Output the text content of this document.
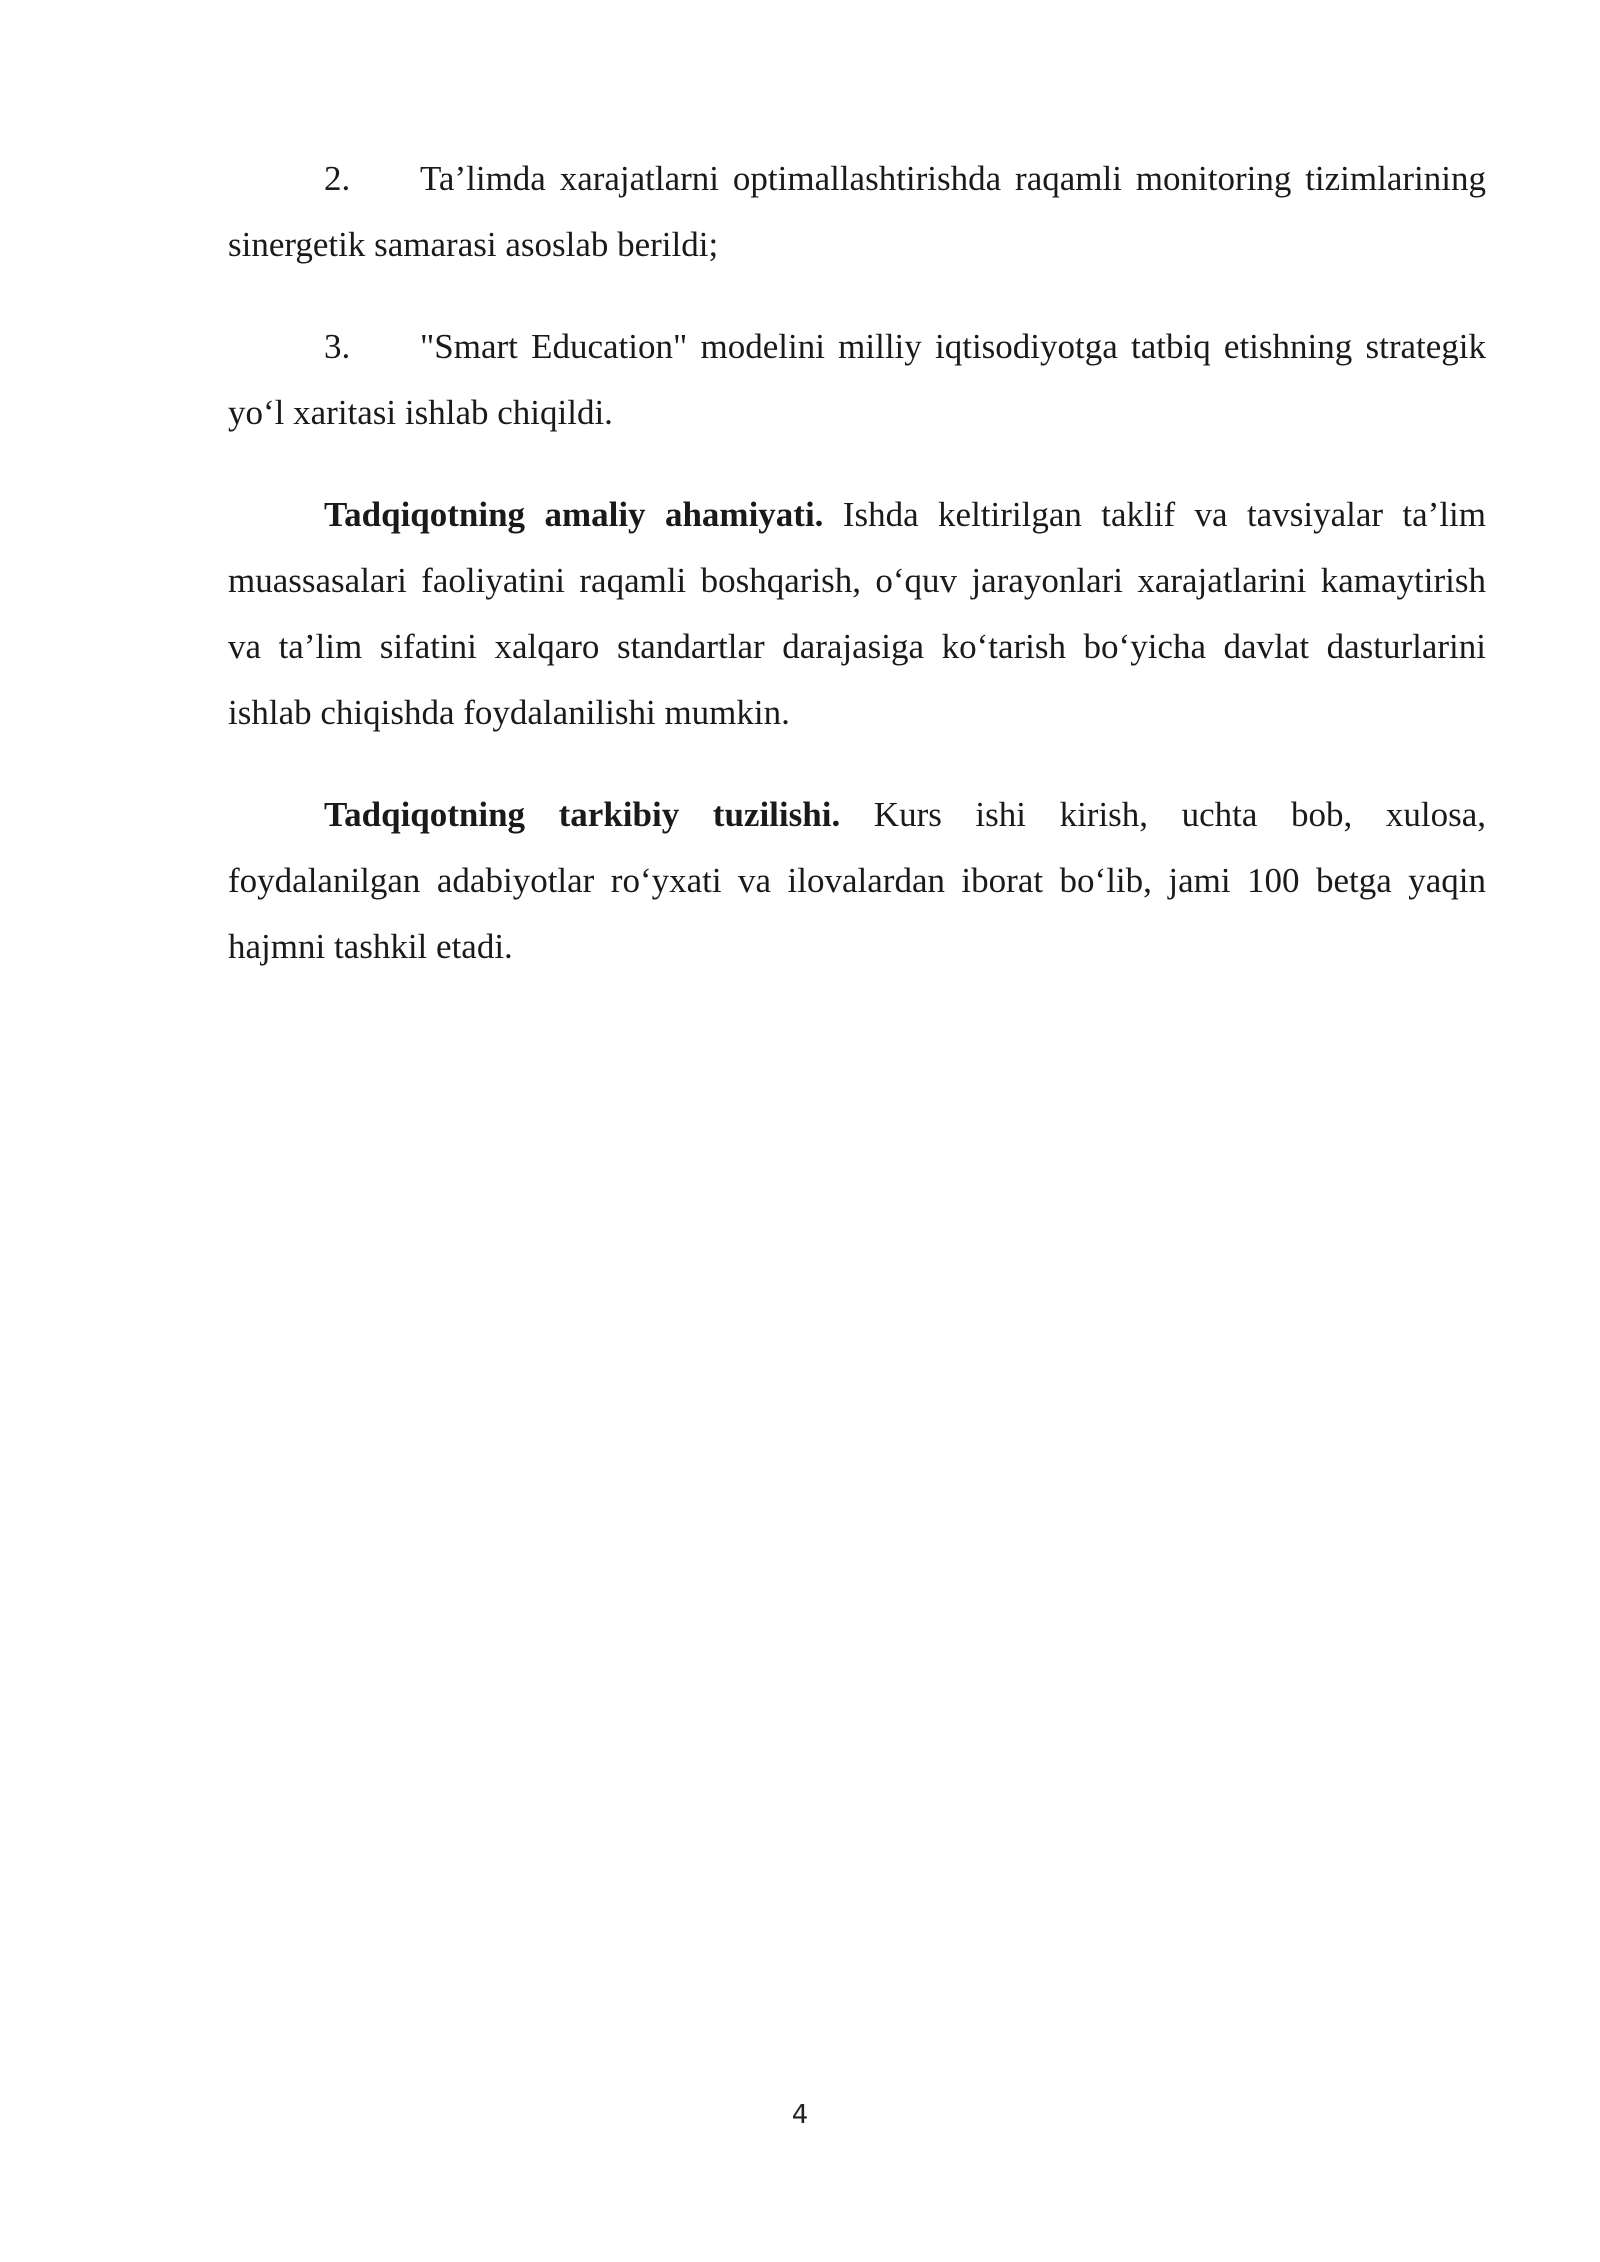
2. Ta’limda xarajatlarni optimallashtirishda raqamli monitoring tizimlarining sinergetik samarasi asoslab berildi;

3. "Smart Education" modelini milliy iqtisodiyotga tatbiq etishning strategik yo‘l xaritasi ishlab chiqildi.

Tadqiqotning amaliy ahamiyati. Ishda keltirilgan taklif va tavsiyalar ta’lim muassasalari faoliyatini raqamli boshqarish, o‘quv jarayonlari xarajatlarini kamaytirish va ta’lim sifatini xalqaro standartlar darajasiga ko‘tarish bo‘yicha davlat dasturlarini ishlab chiqishda foydalanilishi mumkin.

Tadqiqotning tarkibiy tuzilishi. Kurs ishi kirish, uchta bob, xulosa, foydalanilgan adabiyotlar ro‘yxati va ilovalardan iborat bo‘lib, jami 100 betga yaqin hajmni tashkil etadi.

4
